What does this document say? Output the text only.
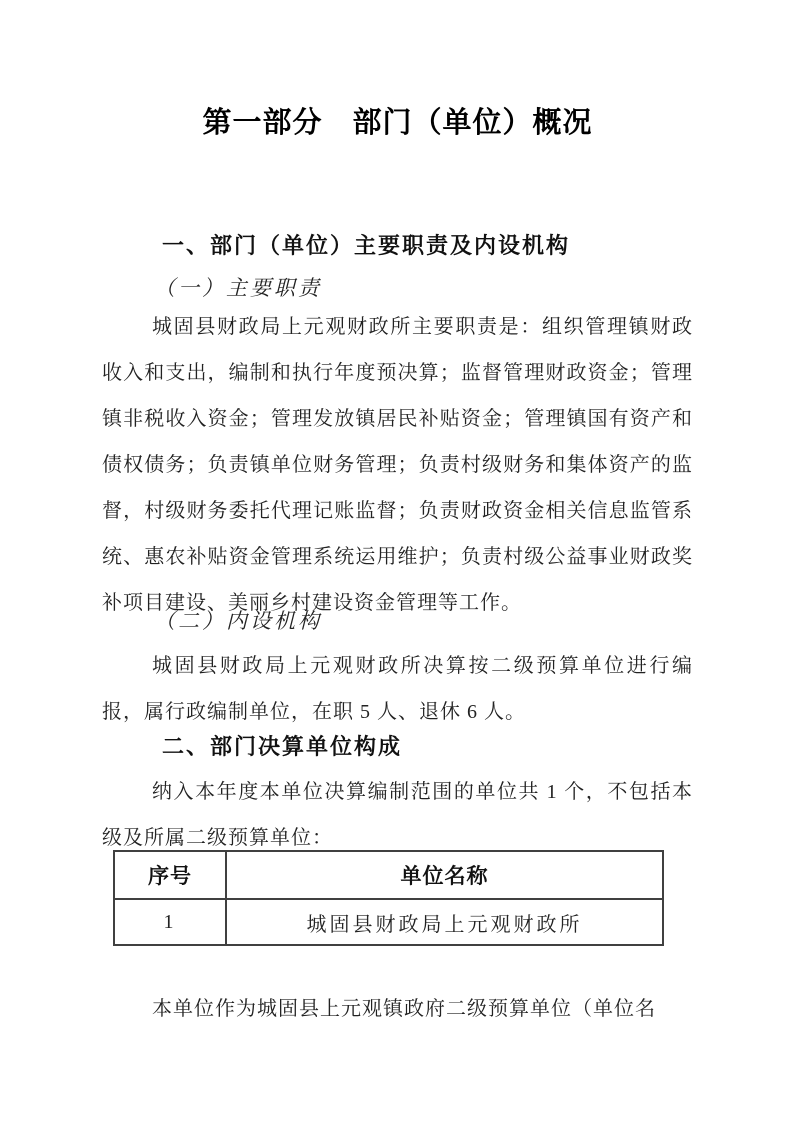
第一部分　部门（单位）概况
一、部门（单位）主要职责及内设机构
（一）主要职责
城固县财政局上元观财政所主要职责是：组织管理镇财政收入和支出，编制和执行年度预决算；监督管理财政资金；管理镇非税收入资金；管理发放镇居民补贴资金；管理镇国有资产和债权债务；负责镇单位财务管理；负责村级财务和集体资产的监督，村级财务委托代理记账监督；负责财政资金相关信息监管系统、惠农补贴资金管理系统运用维护；负责村级公益事业财政奖补项目建设、美丽乡村建设资金管理等工作。
（二）内设机构
城固县财政局上元观财政所决算按二级预算单位进行编报，属行政编制单位，在职 5 人、退休 6 人。
二、部门决算单位构成
纳入本年度本单位决算编制范围的单位共 1 个，不包括本级及所属二级预算单位：
序号	单位名称
1	城固县财政局上元观财政所
本单位作为城固县上元观镇政府二级预算单位（单位名
